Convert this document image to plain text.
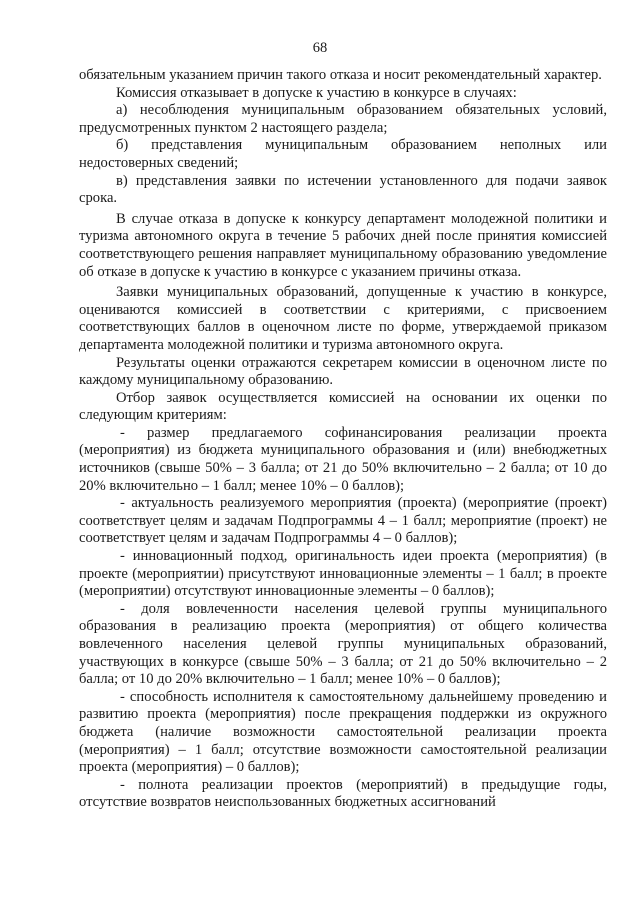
68

обязательным указанием причин такого отказа и носит рекомендательный характер.

Комиссия отказывает в допуске к участию в конкурсе в случаях:

а) несоблюдения муниципальным образованием обязательных условий, предусмотренных пунктом 2 настоящего раздела;

б) представления муниципальным образованием неполных или недостоверных сведений;

в) представления заявки по истечении установленного для подачи заявок срока.

В случае отказа в допуске к конкурсу департамент молодежной политики и туризма автономного округа в течение 5 рабочих дней после принятия комиссией соответствующего решения направляет муниципальному образованию уведомление об отказе в допуске к участию в конкурсе с указанием причины отказа.

Заявки муниципальных образований, допущенные к участию в конкурсе, оцениваются комиссией в соответствии с критериями, с присвоением соответствующих баллов в оценочном листе по форме, утверждаемой приказом департамента молодежной политики и туризма автономного округа.

Результаты оценки отражаются секретарем комиссии в оценочном листе по каждому муниципальному образованию.

Отбор заявок осуществляется комиссией на основании их оценки по следующим критериям:

- размер предлагаемого софинансирования реализации проекта (мероприятия) из бюджета муниципального образования и (или) внебюджетных источников (свыше 50% – 3 балла; от 21 до 50% включительно – 2 балла; от 10 до 20% включительно – 1 балл; менее 10% – 0 баллов);

- актуальность реализуемого мероприятия (проекта) (мероприятие (проект) соответствует целям и задачам Подпрограммы 4 – 1 балл; мероприятие (проект) не соответствует целям и задачам Подпрограммы 4 – 0 баллов);

- инновационный подход, оригинальность идеи проекта (мероприятия) (в проекте (мероприятии) присутствуют инновационные элементы – 1 балл; в проекте (мероприятии) отсутствуют инновационные элементы – 0 баллов);

- доля вовлеченности населения целевой группы муниципального образования в реализацию проекта (мероприятия) от общего количества вовлеченного населения целевой группы муниципальных образований, участвующих в конкурсе (свыше 50% – 3 балла; от 21 до 50% включительно – 2 балла; от 10 до 20% включительно – 1 балл; менее 10% – 0 баллов);

- способность исполнителя к самостоятельному дальнейшему проведению и развитию проекта (мероприятия) после прекращения поддержки из окружного бюджета (наличие возможности самостоятельной реализации проекта (мероприятия) – 1 балл; отсутствие возможности самостоятельной реализации проекта (мероприятия) – 0 баллов);

- полнота реализации проектов (мероприятий) в предыдущие годы, отсутствие возвратов неиспользованных бюджетных ассигнований
